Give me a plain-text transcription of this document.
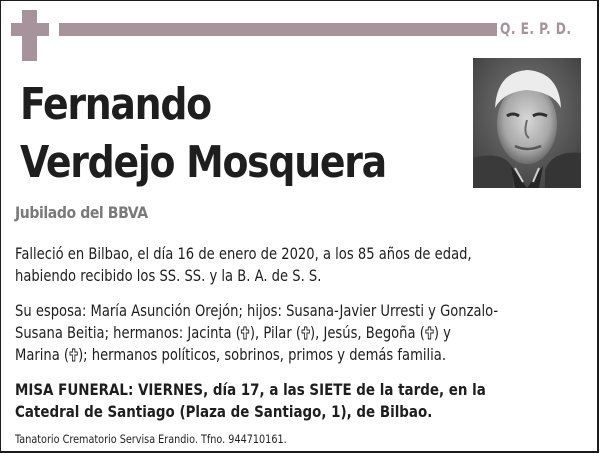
Q. E. P. D.
Fernando
Verdejo Mosquera
Jubilado del BBVA
Falleció en Bilbao, el día 16 de enero de 2020, a los 85 años de edad,
habiendo recibido los SS. SS. y la B. A. de S. S.
Su esposa: María Asunción Orejón; hijos: Susana-Javier Urresti y Gonzalo-
Susana Beitia; hermanos: Jacinta ( ), Pilar ( ), Jesús, Begoña ( ) y
Marina ( ); hermanos políticos, sobrinos, primos y demás familia.
MISA FUNERAL: VIERNES, día 17, a las SIETE de la tarde, en la
Catedral de Santiago (Plaza de Santiago, 1), de Bilbao.
Tanatorio Crematorio Servisa Erandio. Tfno. 944710161.
